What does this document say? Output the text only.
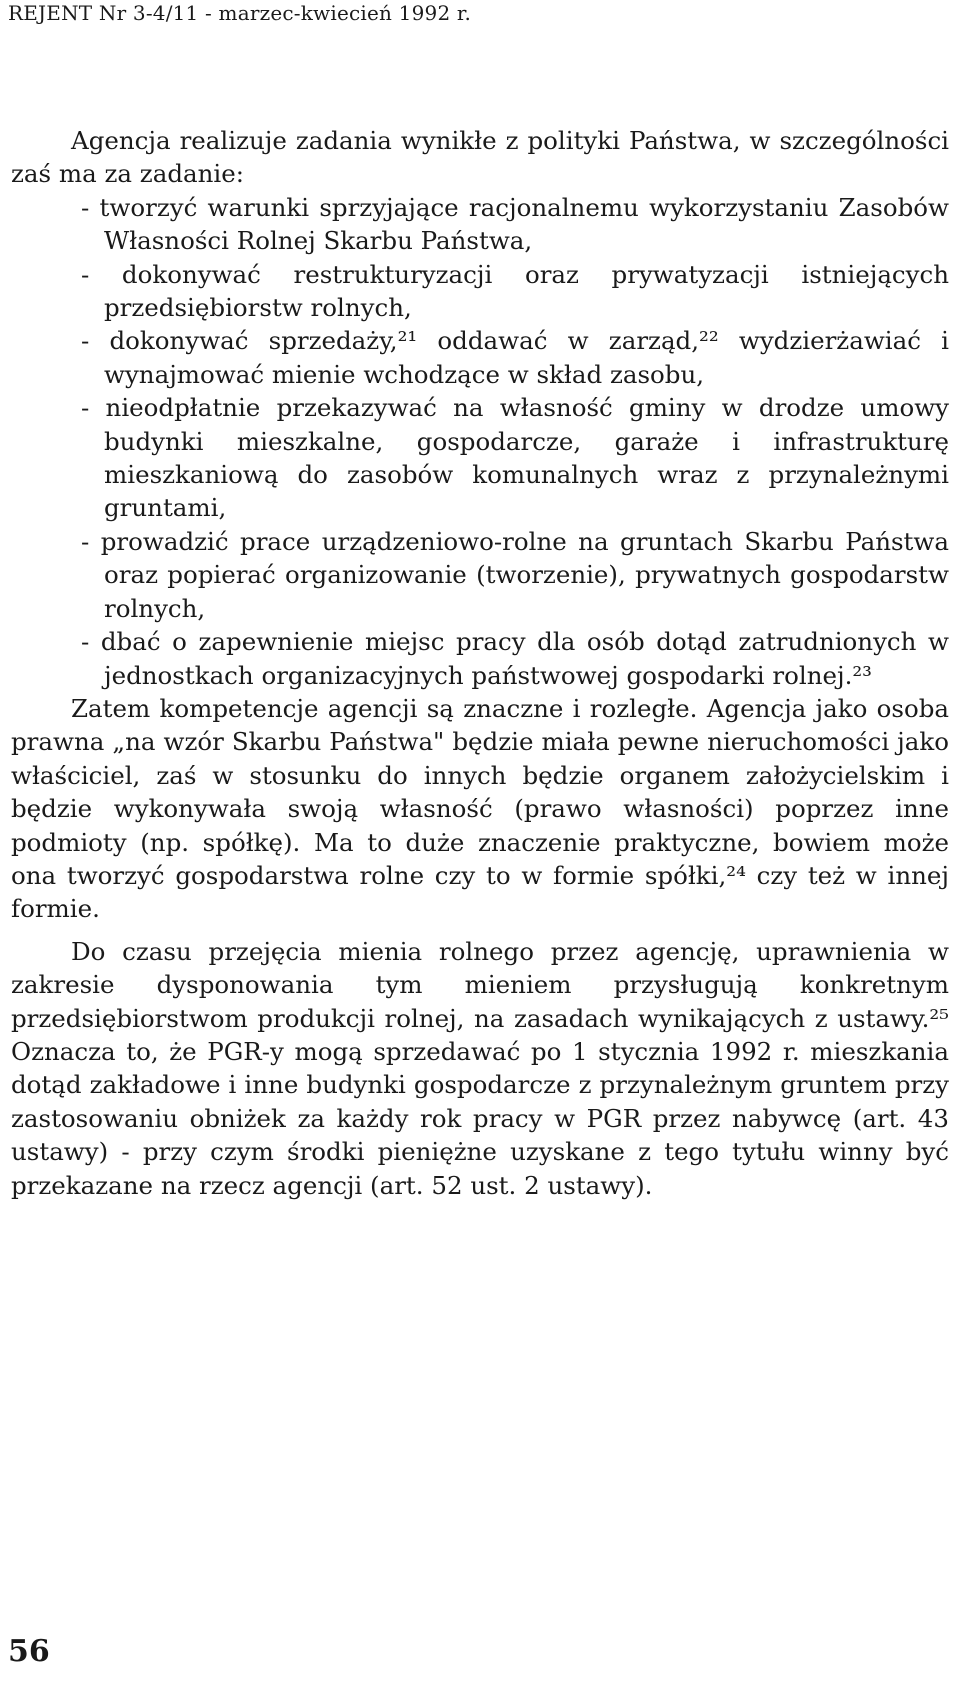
REJENT Nr 3-4/11 - marzec-kwiecień 1992 r.

Agencja realizuje zadania wynikłe z polityki Państwa, w szczególności zaś ma za zadanie:

- tworzyć warunki sprzyjające racjonalnemu wykorzystaniu Zasobów Własności Rolnej Skarbu Państwa,
- dokonywać restrukturyzacji oraz prywatyzacji istniejących przedsiębiorstw rolnych,
- dokonywać sprzedaży,²¹ oddawać w zarząd,²² wydzierżawiać i wynajmować mienie wchodzące w skład zasobu,
- nieodpłatnie przekazywać na własność gminy w drodze umowy budynki mieszkalne, gospodarcze, garaże i infrastrukturę mieszkaniową do zasobów komunalnych wraz z przynależnymi gruntami,
- prowadzić prace urządzeniowo-rolne na gruntach Skarbu Państwa oraz popierać organizowanie (tworzenie), prywatnych gospodarstw rolnych,
- dbać o zapewnienie miejsc pracy dla osób dotąd zatrudnionych w jednostkach organizacyjnych państwowej gospodarki rolnej.²³

Zatem kompetencje agencji są znaczne i rozległe. Agencja jako osoba prawna „na wzór Skarbu Państwa" będzie miała pewne nieruchomości jako właściciel, zaś w stosunku do innych będzie organem założycielskim i będzie wykonywała swoją własność (prawo własności) poprzez inne podmioty (np. spółkę). Ma to duże znaczenie praktyczne, bowiem może ona tworzyć gospodarstwa rolne czy to w formie spółki,²⁴ czy też w innej formie.

Do czasu przejęcia mienia rolnego przez agencję, uprawnienia w zakresie dysponowania tym mieniem przysługują konkretnym przedsiębiorstwom produkcji rolnej, na zasadach wynikających z ustawy.²⁵ Oznacza to, że PGR-y mogą sprzedawać po 1 stycznia 1992 r. mieszkania dotąd zakładowe i inne budynki gospodarcze z przynależnym gruntem przy zastosowaniu obniżek za każdy rok pracy w PGR przez nabywcę (art. 43 ustawy) - przy czym środki pieniężne uzyskane z tego tytułu winny być przekazane na rzecz agencji (art. 52 ust. 2 ustawy).

56
